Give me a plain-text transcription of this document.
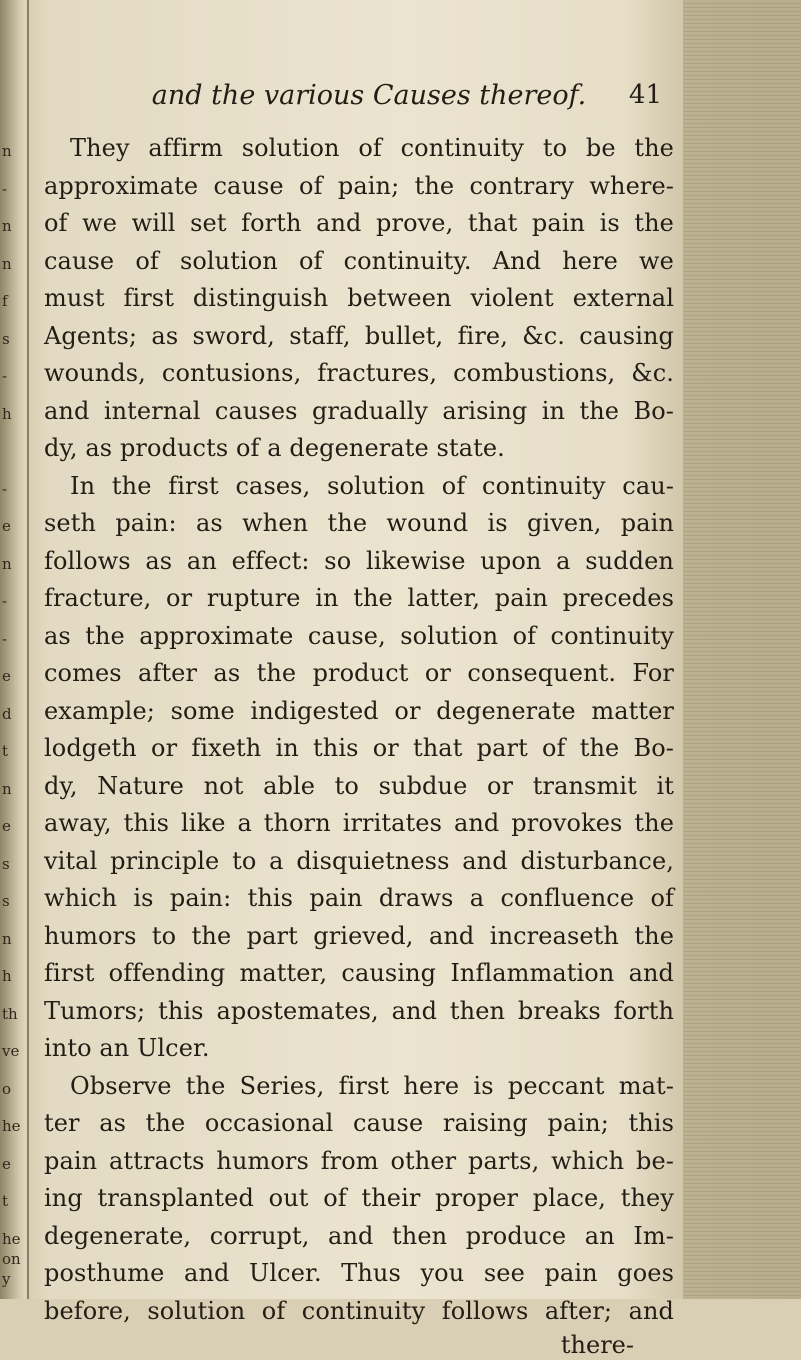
n
-
n
n
f
s
-
h
-
e
n
-
-
e
d
t
n
e
s
s
n
h
th
ve
o
he
e
t
he
on
y
and the various Causes thereof. 41
They affirm solution of continuity to be the
approximate cause of pain; the contrary where-
of we will set forth and prove, that pain is the
cause of solution of continuity. And here we
must first distinguish between violent external
Agents; as sword, staff, bullet, fire, &c. causing
wounds, contusions, fractures, combustions, &c.
and internal causes gradually arising in the Bo-
dy, as products of a degenerate state.
In the first cases, solution of continuity cau-
seth pain: as when the wound is given, pain
follows as an effect: so likewise upon a sudden
fracture, or rupture in the latter, pain precedes
as the approximate cause, solution of continuity
comes after as the product or consequent. For
example; some indigested or degenerate matter
lodgeth or fixeth in this or that part of the Bo-
dy, Nature not able to subdue or transmit it
away, this like a thorn irritates and provokes the
vital principle to a disquietness and disturbance,
which is pain: this pain draws a confluence of
humors to the part grieved, and increaseth the
first offending matter, causing Inflammation and
Tumors; this apostemates, and then breaks forth
into an Ulcer.
Observe the Series, first here is peccant mat-
ter as the occasional cause raising pain; this
pain attracts humors from other parts, which be-
ing transplanted out of their proper place, they
degenerate, corrupt, and then produce an Im-
posthume and Ulcer. Thus you see pain goes
before, solution of continuity follows after; and
there-
